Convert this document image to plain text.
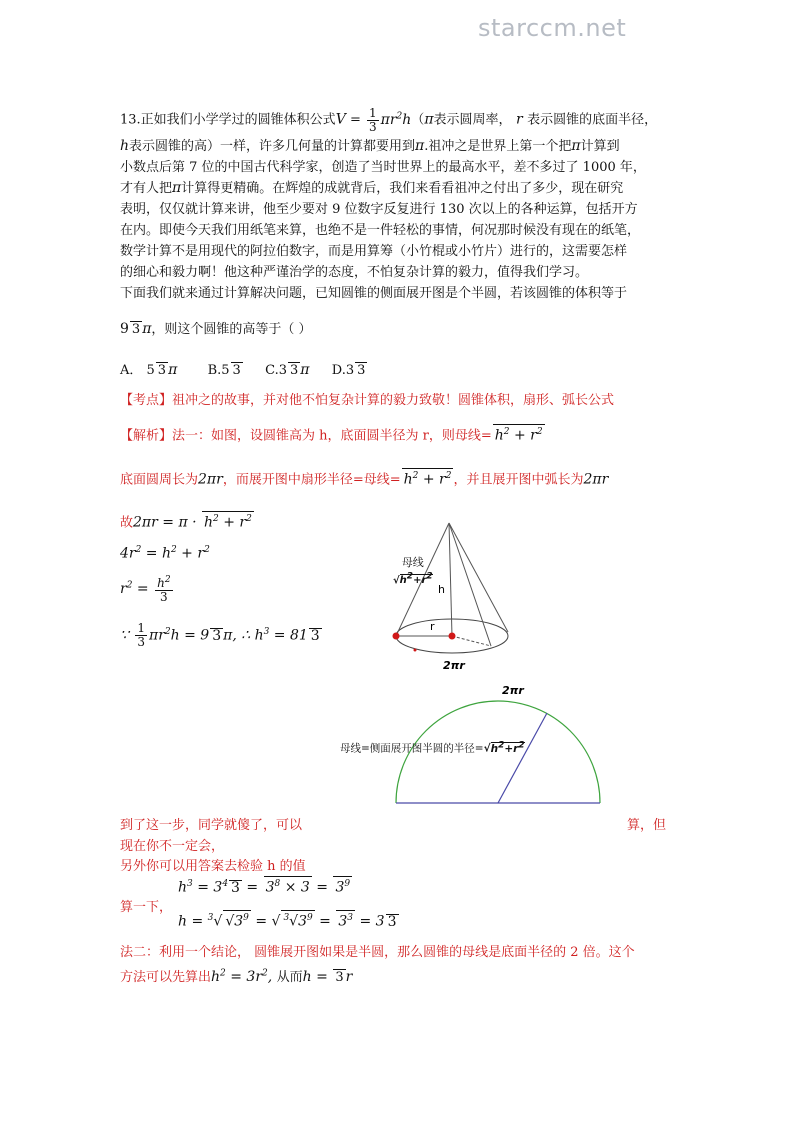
starccm.net

13.正如我们小学学过的圆锥体积公式$V = \frac{1}{3} \pi r^2h(\pi$表示圆周率， r 表示圆锥的底面半径，

h表示圆锥的高）一样，许多几何量的计算都要用到π.祖冲之是世界上第一个把π计算到

小数点后第 7 位的中国古代科学家，创造了当时世界上的最高水平，差不多过了 1000 年，

才有人把π计算得更精确。在辉煌的成就背后，我们来看看祖冲之付出了多少，现在研究

表明，仅仅就计算来讲，他至少要对 9 位数字反复进行 130 次以上的各种运算，包括开方

在内。即使今天我们用纸笔来算，也绝不是一件轻松的事情，何况那时候没有现在的纸笔，

数学计算不是用现代的阿拉伯数字，而是用算筹（小竹棍或小竹片）进行的，这需要怎样

的细心和毅力啊！他这种严谨治学的态度，不怕复杂计算的毅力，值得我们学习。

下面我们就来通过计算解决问题，已知圆锥的侧面展开图是个半圆，若该圆锥的体积等于

9 3 π，则这个圆锥的高等于（ ）
A． 5 3 π B.5 3 C.3 3 π D.3 3
【考点】祖冲之的故事，并对他不怕复杂计算的毅力致敬！圆锥体积，扇形、弧长公式
【解析】法一：如图，设圆锥高为 h，底面圆半径为 r，则母线= $h^2 + r^2$
底面圆周长为2πr，而展开图中扇形半径=母线= $h^2 + r^2$ ，并且展开图中弧长为2πr
故$2\pi r = \pi \cdot h^2 + r^2$
$4r^2 = h^2 + r^2$
$r^2 = \frac{h^2}{3}$
∵ $\frac{1}{3} \pi r^2h = 9$ 3 π, ∴ $h^3 = 81$ 3
h
r
2πr
母线
$√h^2+r^2$
2πr
母线=侧面展开图半圆的半径$=√h^2+r^2$
到了这一步，同学就傻了，可以	算，但
现在你不一定会，
另外你可以用答案去检验 h 的值
$h^3 = 3^4$ $3 = 3^8 \times 3 = 3^9$
算一下，
h = $^3$√ $√3^9$ = √ $^3√3^9 = 3^3 = 3$ 3
法二：利用一个结论， 圆锥展开图如果是半圆，那么圆锥的母线是底面半径的 2 倍。这个
方法可以先算出$h^2 = 3r^2$, 从而h = 3 r
